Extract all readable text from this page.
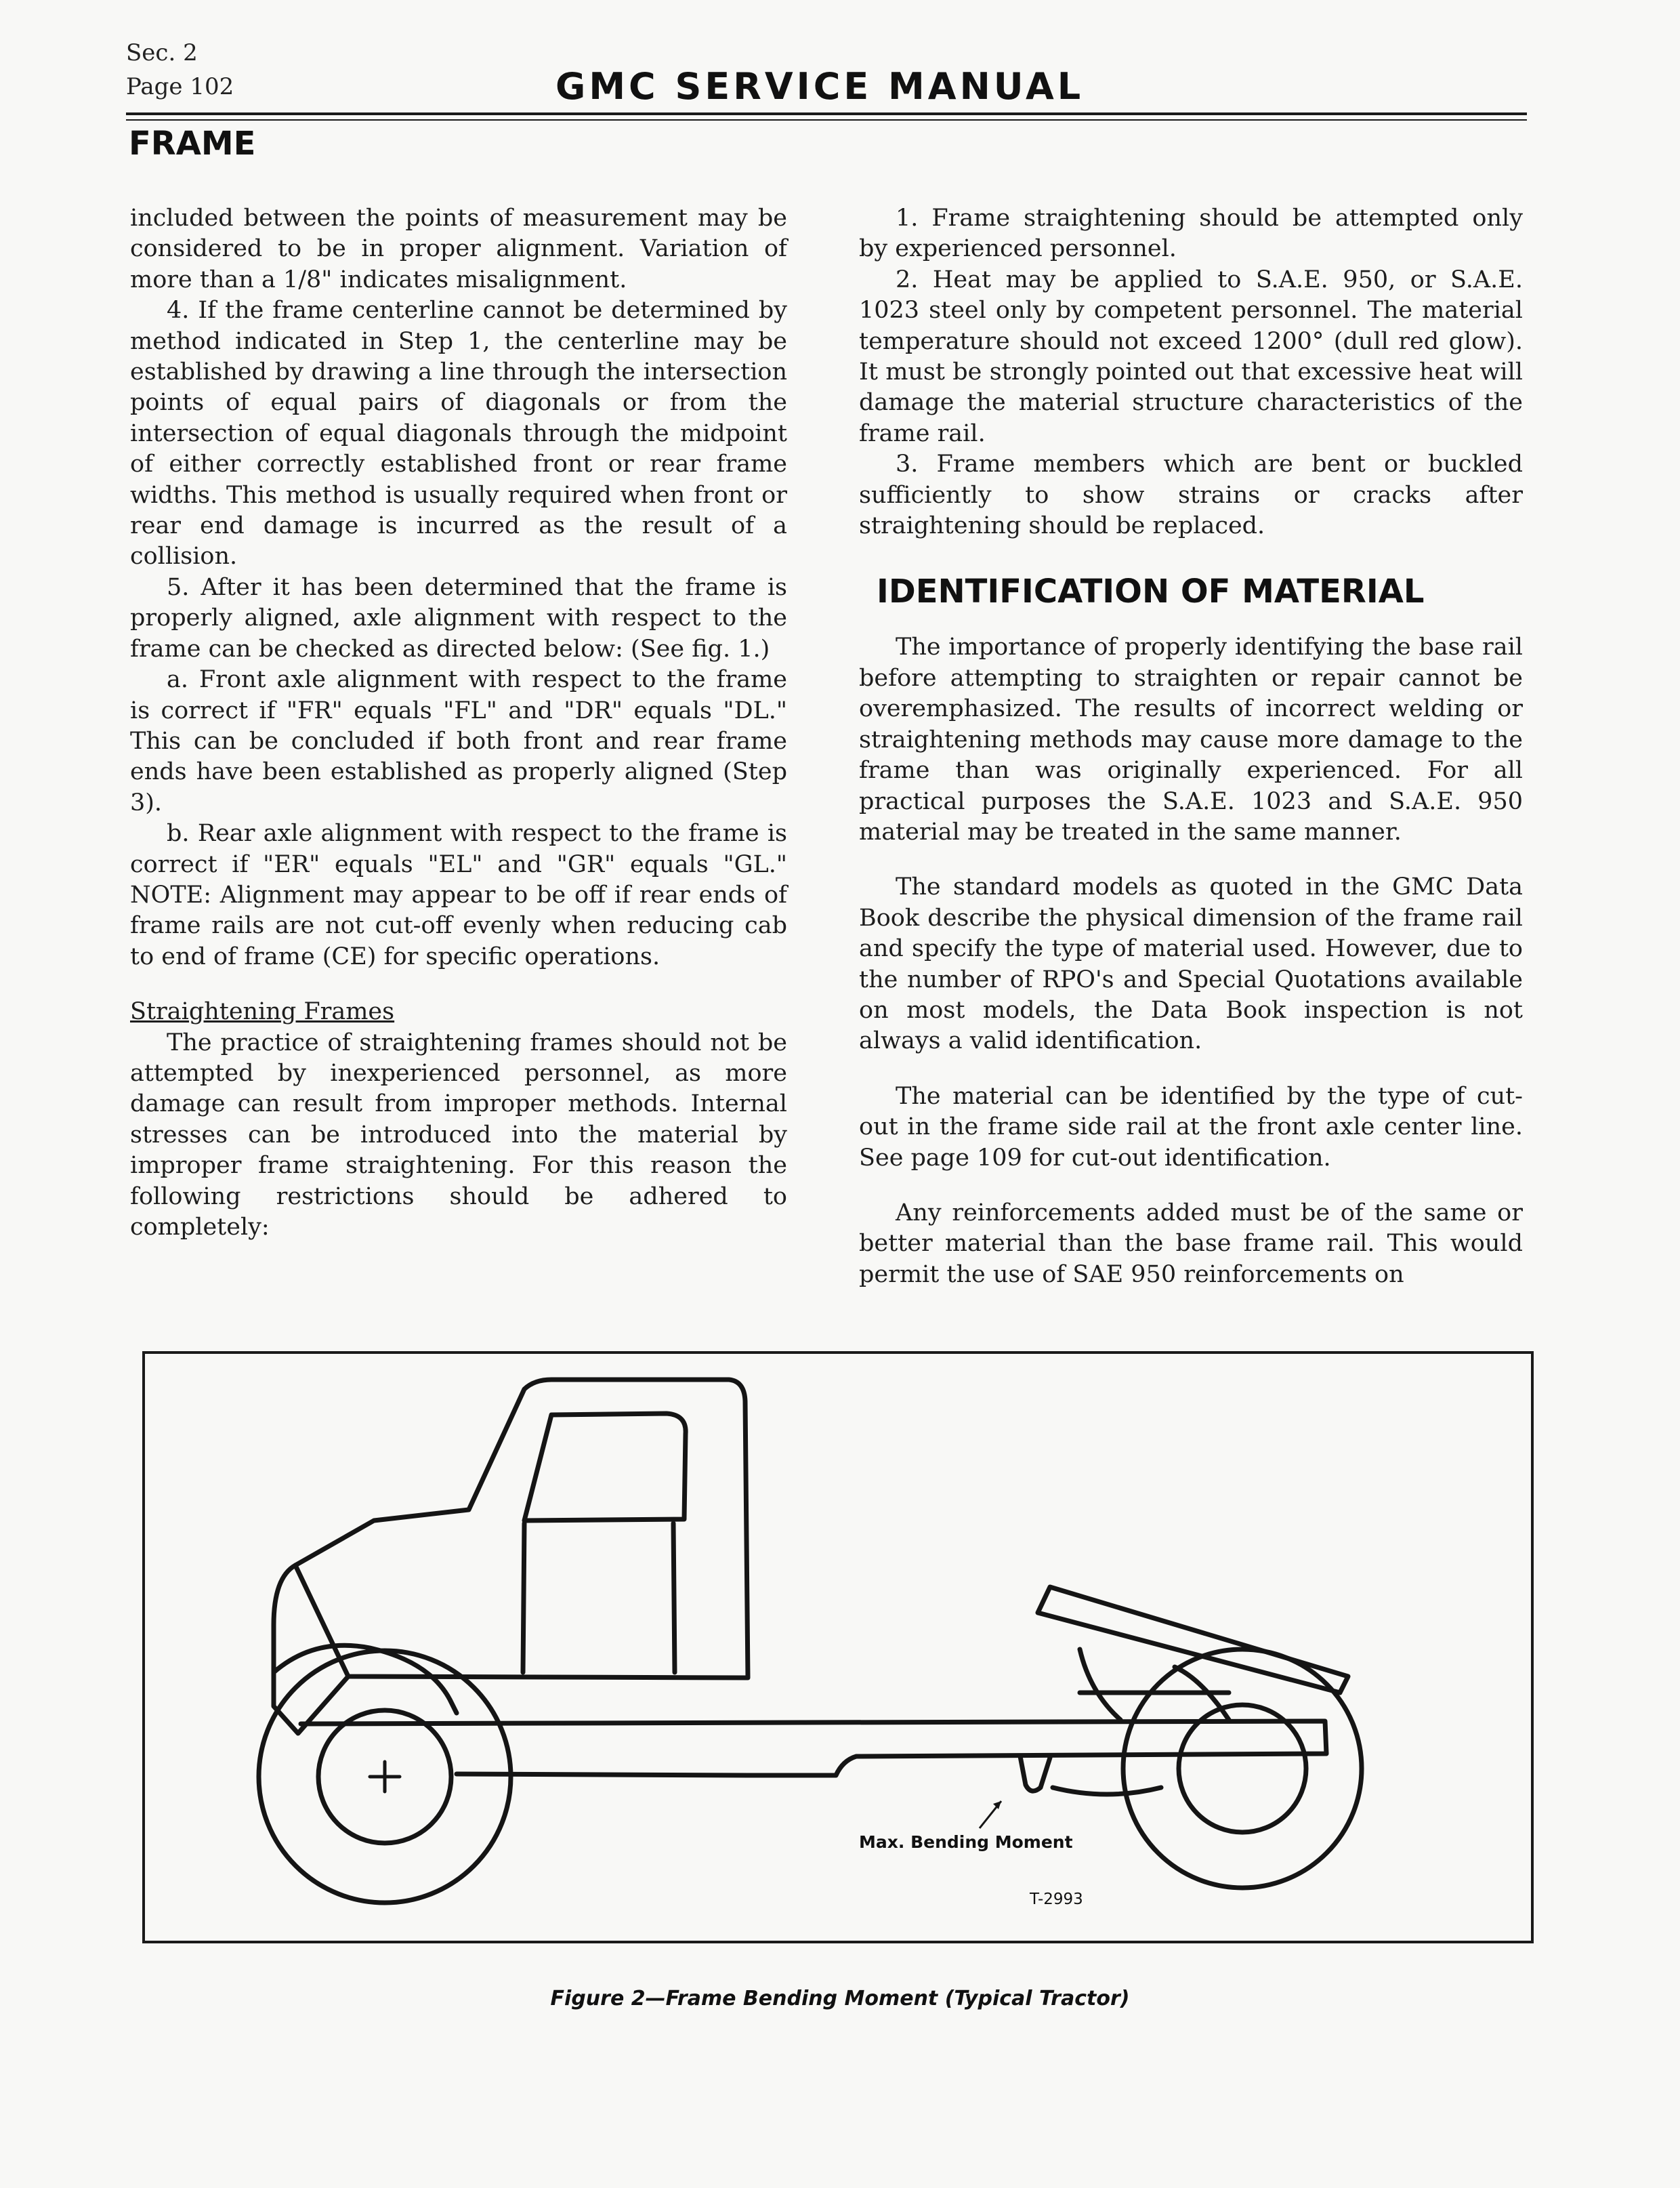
Sec. 2
Page 102	GMC SERVICE MANUAL
FRAME

included between the points of measurement may be considered to be in proper alignment. Variation of more than a 1/8" indicates misalignment.

4. If the frame centerline cannot be determined by method indicated in Step 1, the centerline may be established by drawing a line through the intersection points of equal pairs of diagonals or from the intersection of equal diagonals through the midpoint of either correctly established front or rear frame widths. This method is usually required when front or rear end damage is incurred as the result of a collision.

5. After it has been determined that the frame is properly aligned, axle alignment with respect to the frame can be checked as directed below: (See fig. 1.)

a. Front axle alignment with respect to the frame is correct if "FR" equals "FL" and "DR" equals "DL." This can be concluded if both front and rear frame ends have been established as properly aligned (Step 3).

b. Rear axle alignment with respect to the frame is correct if "ER" equals "EL" and "GR" equals "GL." NOTE: Alignment may appear to be off if rear ends of frame rails are not cut-off evenly when reducing cab to end of frame (CE) for specific operations.

Straightening Frames

The practice of straightening frames should not be attempted by inexperienced personnel, as more damage can result from improper methods. Internal stresses can be introduced into the material by improper frame straightening. For this reason the following restrictions should be adhered to completely:

1. Frame straightening should be attempted only by experienced personnel.

2. Heat may be applied to S.A.E. 950, or S.A.E. 1023 steel only by competent personnel. The material temperature should not exceed 1200° (dull red glow). It must be strongly pointed out that excessive heat will damage the material structure characteristics of the frame rail.

3. Frame members which are bent or buckled sufficiently to show strains or cracks after straightening should be replaced.

IDENTIFICATION OF MATERIAL

The importance of properly identifying the base rail before attempting to straighten or repair cannot be overemphasized. The results of incorrect welding or straightening methods may cause more damage to the frame than was originally experienced. For all practical purposes the S.A.E. 1023 and S.A.E. 950 material may be treated in the same manner.

The standard models as quoted in the GMC Data Book describe the physical dimension of the frame rail and specify the type of material used. However, due to the number of RPO's and Special Quotations available on most models, the Data Book inspection is not always a valid identification.

The material can be identified by the type of cut-out in the frame side rail at the front axle center line. See page 109 for cut-out identification.

Any reinforcements added must be of the same or better material than the base frame rail. This would permit the use of SAE 950 reinforcements on

Max. Bending Moment
T-2993
Figure 2—Frame Bending Moment (Typical Tractor)
